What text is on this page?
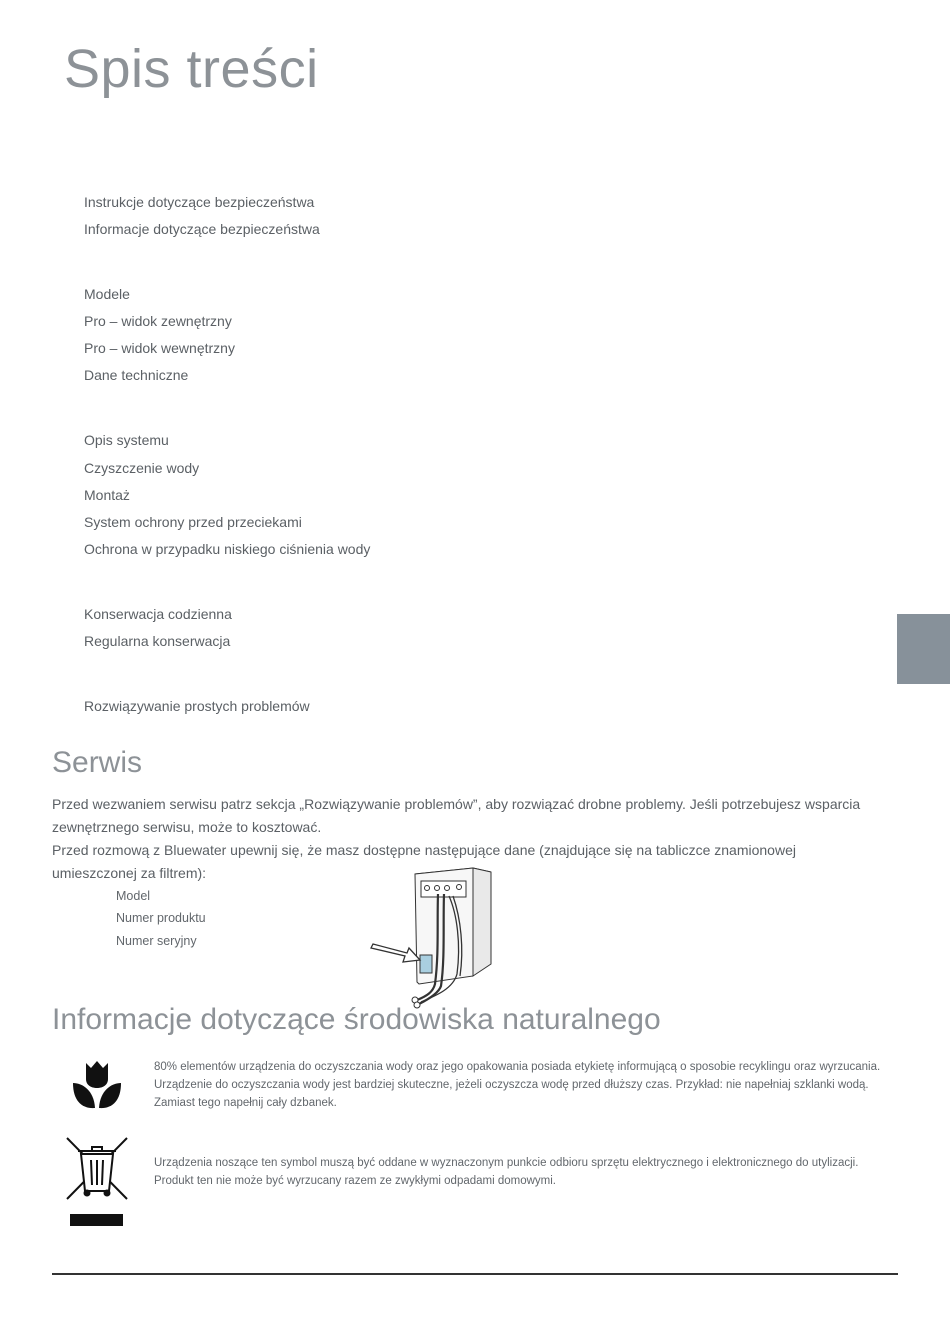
Spis treści
Instrukcje dotyczące bezpieczeństwa
Informacje dotyczące bezpieczeństwa
Modele
Pro – widok zewnętrzny
Pro – widok wewnętrzny
Dane techniczne
Opis systemu
Czyszczenie wody
Montaż
System ochrony przed przeciekami
Ochrona w przypadku niskiego ciśnienia wody
Konserwacja codzienna
Regularna konserwacja
Rozwiązywanie prostych problemów
Serwis
Przed wezwaniem serwisu patrz sekcja „Rozwiązywanie problemów”, aby rozwiązać drobne problemy. Jeśli potrzebujesz wsparcia zewnętrznego serwisu, może to kosztować.
Przed rozmową z Bluewater upewnij się, że masz dostępne następujące dane (znajdujące się na tabliczce znamionowej umieszczonej za filtrem):
Model
Numer produktu
Numer seryjny
Informacje dotyczące środowiska naturalnego
80% elementów urządzenia do oczyszczania wody oraz jego opakowania posiada etykietę informującą o sposobie recyklingu oraz wyrzucania. Urządzenie do oczyszczania wody jest bardziej skuteczne, jeżeli oczyszcza wodę przed dłuższy czas. Przykład: nie napełniaj szklanki wodą. Zamiast tego napełnij cały dzbanek.
Urządzenia noszące ten symbol muszą być oddane w wyznaczonym punkcie odbioru sprzętu elektrycznego i elektronicznego do utylizacji.
Produkt ten nie może być wyrzucany razem ze zwykłymi odpadami domowymi.
